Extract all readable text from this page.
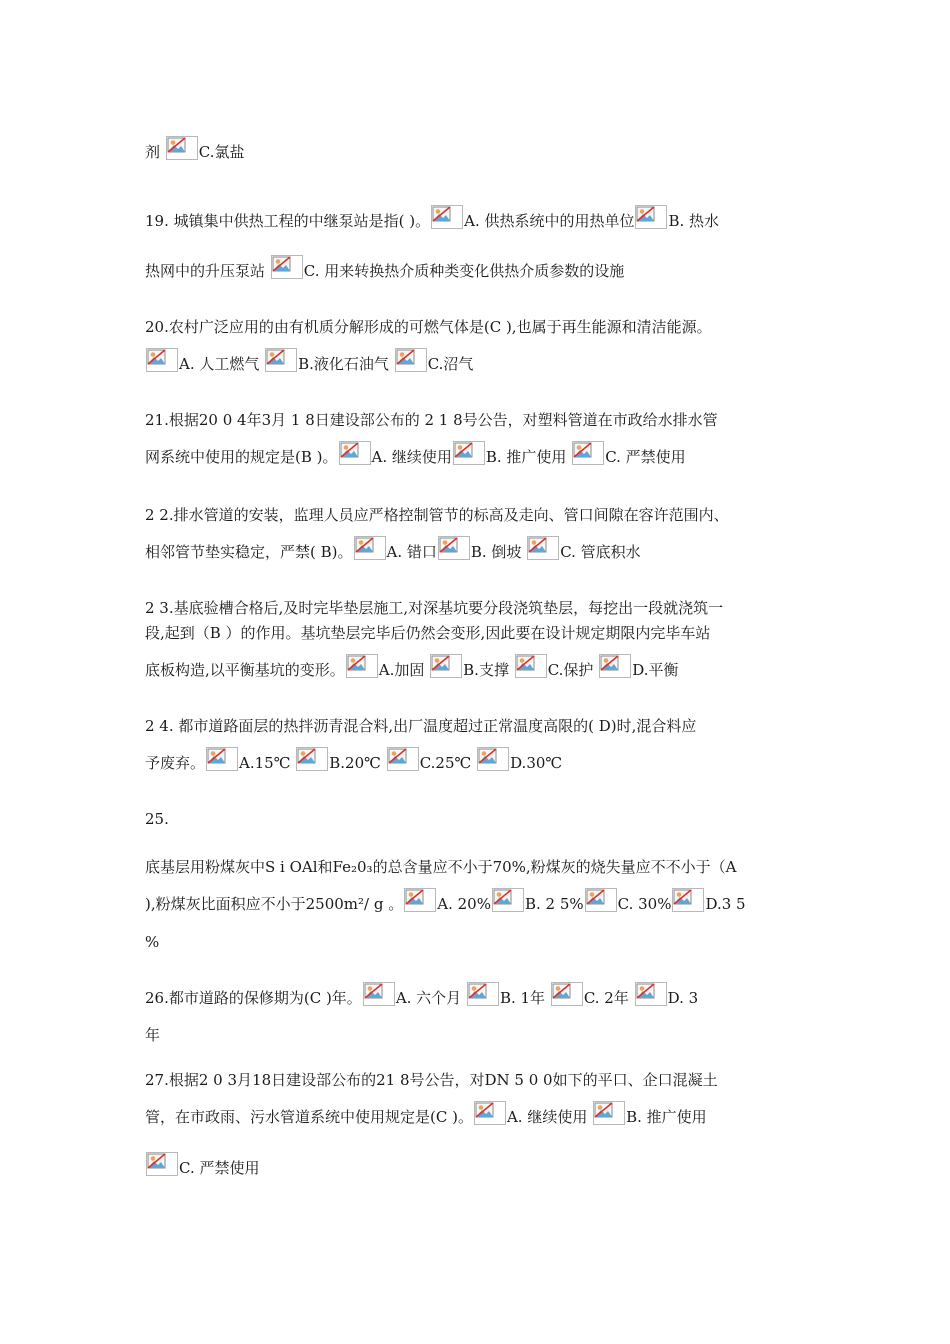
剂
C.氯盐
19. 城镇集中供热工程的中继泵站是指( )。 A. 供热系统中的用热单位 B. 热水
热网中的升压泵站
C. 用来转换热介质种类变化供热介质参数的设施
20.农村广泛应用的由有机质分解形成的可燃气体是(C ),也属于再生能源和清洁能源。
A. 人工燃气
B.液化石油气
C.沼气
21.根据20 0 4年3月 1 8日建设部公布的 2 1 8号公告，对塑料管道在市政给水排水管
网系统中使用的规定是(B )。 A. 继续使用 B. 推广使用
C. 严禁使用
2 2.排水管道的安装，监理人员应严格控制管节的标高及走向、管口间隙在容许范围内、
相邻管节垫实稳定，严禁( B)。 A. 错口 B. 倒坡
C. 管底积水
2 3.基底验槽合格后,及时完毕垫层施工,对深基坑要分段浇筑垫层，每挖出一段就浇筑一
段,起到（B ）的作用。基坑垫层完毕后仍然会变形,因此要在设计规定期限内完毕车站
底板构造,以平衡基坑的变形。 A.加固
B.支撑
C.保护
D.平衡
2 4. 都市道路面层的热拌沥青混合料,出厂温度超过正常温度高限的( D)时,混合料应
予废弃。 A.15℃
B.20℃
C.25℃
D.30℃
25.
底基层用粉煤灰中S i OAl和Fe₂0₃的总含量应不小于70%,粉煤灰的烧失量应不不小于（A
),粉煤灰比面积应不小于2500m²/ g 。 A. 20% B. 2 5% C. 30% D.3 5
%
26.都市道路的保修期为(C )年。 A. 六个月
B. 1年
C. 2年
D. 3
年
27.根据2 0 3月18日建设部公布的21 8号公告，对DN 5 0 0如下的平口、企口混凝土
管，在市政雨、污水管道系统中使用规定是(C )。 A. 继续使用
B. 推广使用
C. 严禁使用
